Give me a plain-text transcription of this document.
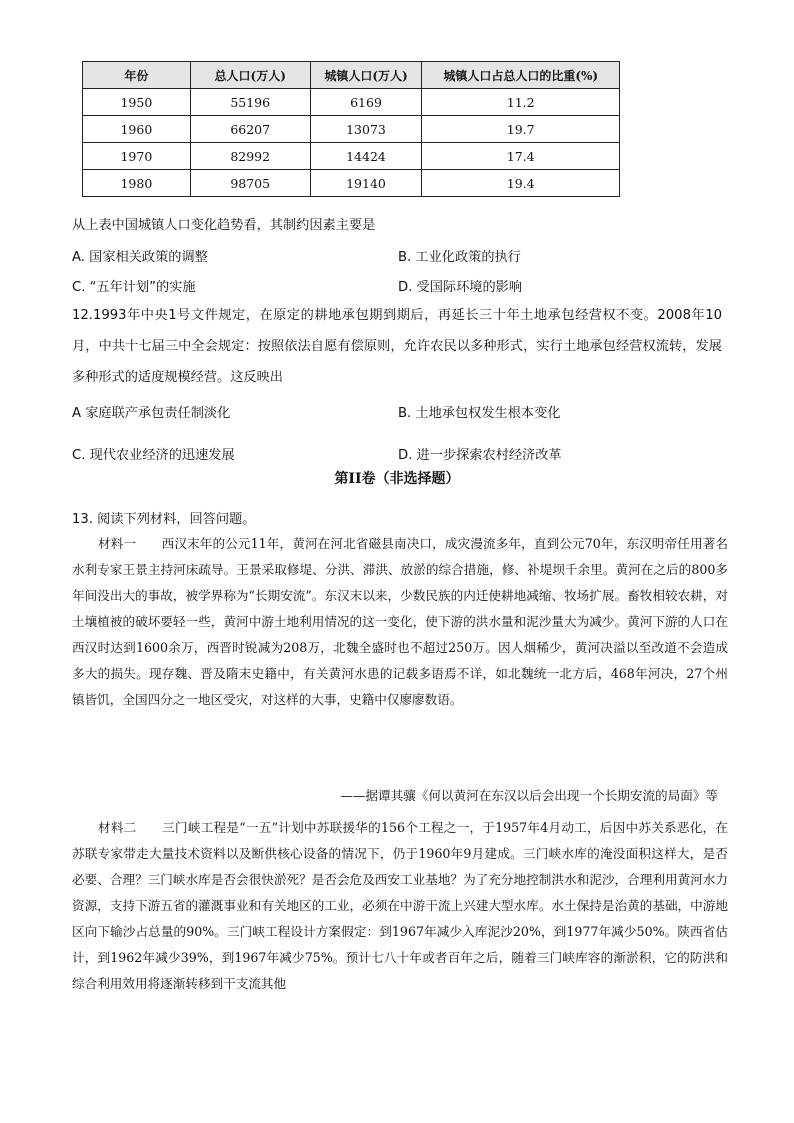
年份	总人口(万人)	城镇人口(万人)	城镇人口占总人口的比重(%)
1950	55196	6169	11.2
1960	66207	13073	19.7
1970	82992	14424	17.4
1980	98705	19140	19.4
从上表中国城镇人口变化趋势看，其制约因素主要是
A. 国家相关政策的调整	B. 工业化政策的执行
C. “五年计划”的实施	D. 受国际环境的影响
12.1993年中央1号文件规定，在原定的耕地承包期到期后，再延长三十年土地承包经营权不变。2008年10月，中共十七届三中全会规定：按照依法自愿有偿原则，允许农民以多种形式，实行土地承包经营权流转，发展多种形式的适度规模经营。这反映出
A 家庭联产承包责任制淡化	B. 土地承包权发生根本变化
C. 现代农业经济的迅速发展	D. 进一步探索农村经济改革
第II卷（非选择题）
13. 阅读下列材料，回答问题。
材料一　　西汉末年的公元11年，黄河在河北省磁县南决口，成灾漫流多年，直到公元70年，东汉明帝任用著名水利专家王景主持河床疏导。王景采取修堤、分洪、滞洪、放淤的综合措施，修、补堤坝千余里。黄河在之后的800多年间没出大的事故，被学界称为“长期安流”。东汉末以来，少数民族的内迁使耕地减缩、牧场扩展。畜牧相较农耕，对土壤植被的破坏要轻一些，黄河中游土地利用情况的这一变化，使下游的洪水量和泥沙量大为减少。黄河下游的人口在西汉时达到1600余万，西晋时锐减为208万，北魏全盛时也不超过250万。因人烟稀少，黄河决溢以至改道不会造成多大的损失。现存魏、晋及隋末史籍中，有关黄河水患的记载多语焉不详，如北魏统一北方后，468年河决，27个州镇皆饥，全国四分之一地区受灾，对这样的大事，史籍中仅廖廖数语。
——据谭其骧《何以黄河在东汉以后会出现一个长期安流的局面》等
材料二　　三门峡工程是“一五”计划中苏联援华的156个工程之一，于1957年4月动工，后因中苏关系恶化，在苏联专家带走大量技术资料以及断供核心设备的情况下，仍于1960年9月建成。三门峡水库的淹没面积这样大，是否必要、合理？三门峡水库是否会很快淤死？是否会危及西安工业基地？为了充分地控制洪水和泥沙，合理利用黄河水力资源，支持下游五省的灌溉事业和有关地区的工业，必须在中游干流上兴建大型水库。水土保持是治黄的基础，中游地区向下输沙占总量的90%。三门峡工程设计方案假定：到1967年减少入库泥沙20%，到1977年减少50%。陕西省估计，到1962年减少39%，到1967年减少75%。预计七八十年或者百年之后，随着三门峡库容的渐淤积，它的防洪和综合利用效用将逐渐转移到干支流其他
